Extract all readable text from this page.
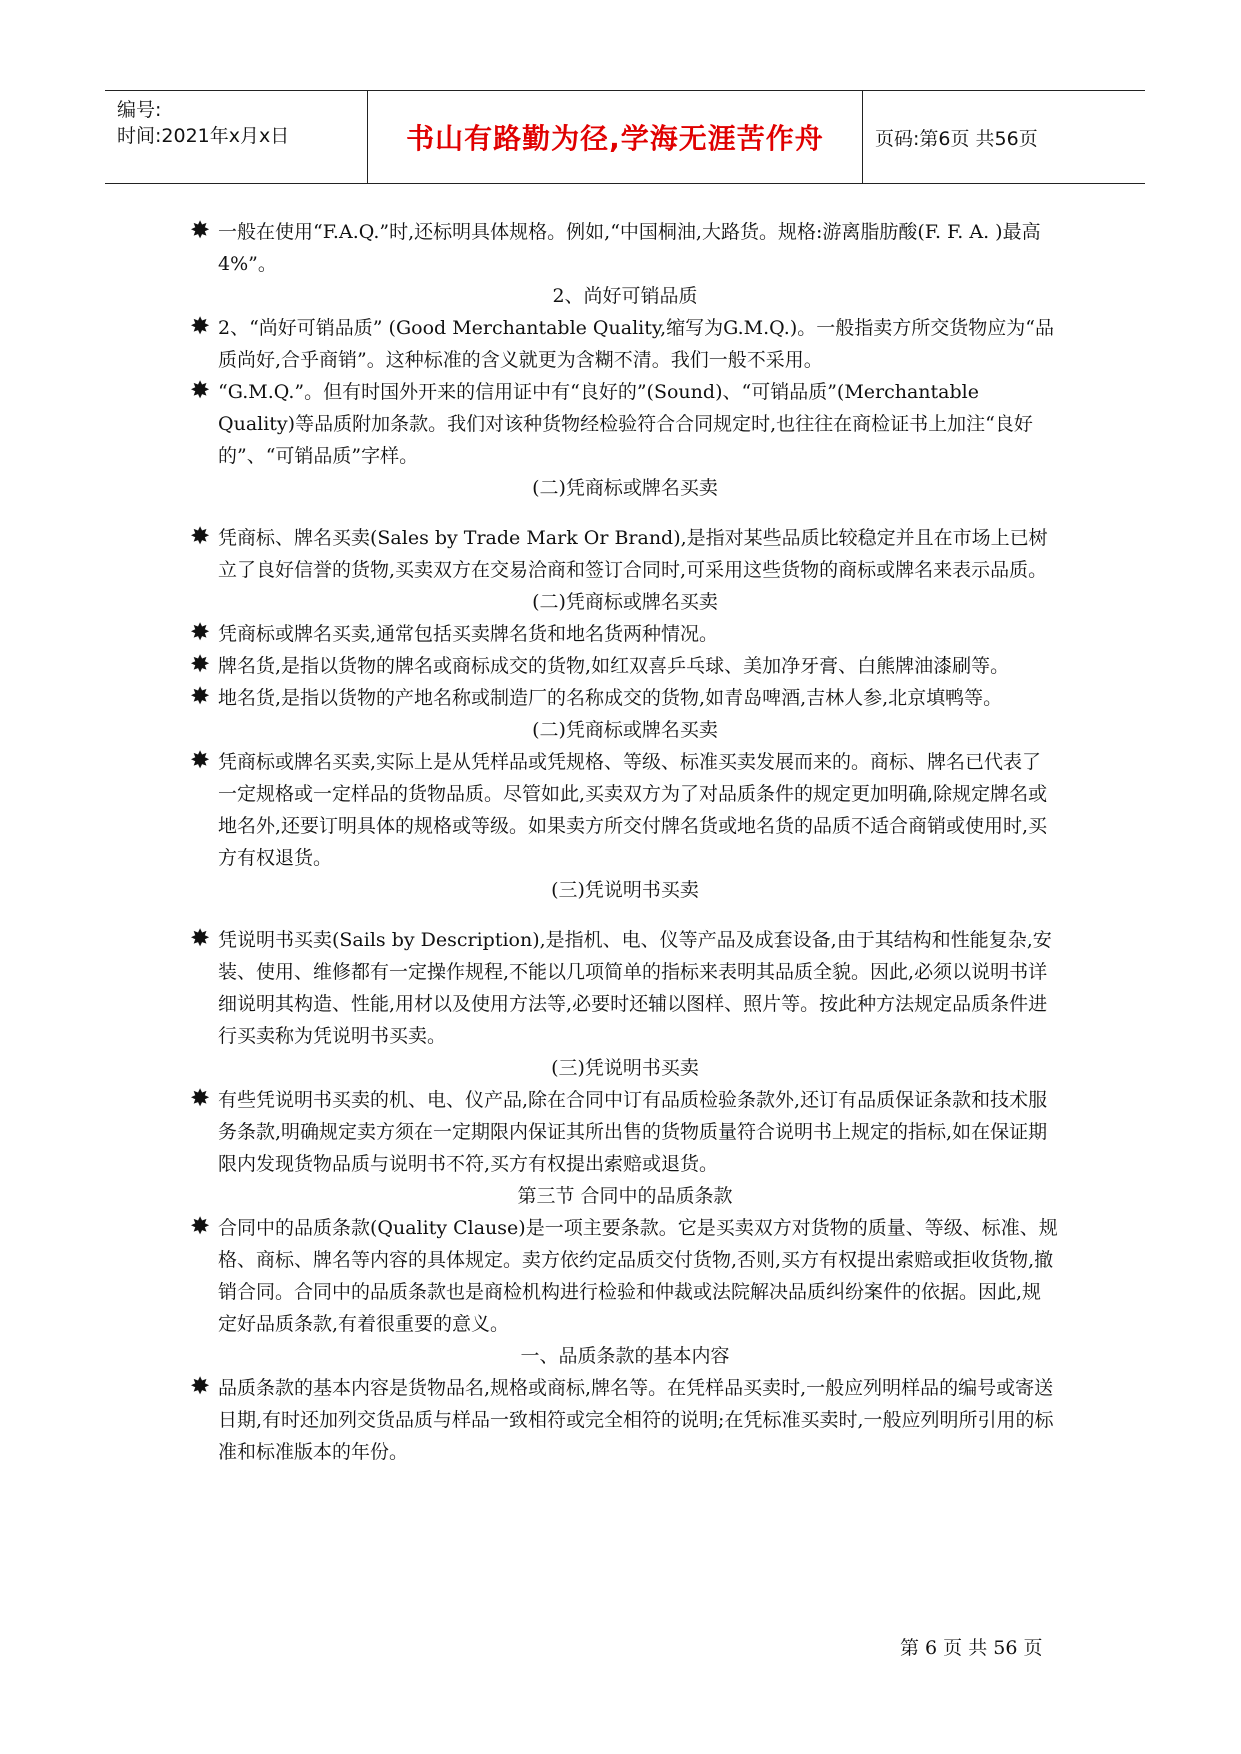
编号:
时间:2021年x月x日	书山有路勤为径,学海无涯苦作舟	页码:第6页 共56页
✸ 一般在使用“F.A.Q.”时,还标明具体规格。例如,“中国桐油,大路货。规格:游离脂肪酸(F. F. A. )最高4%”。
2、尚好可销品质
✸ 2、“尚好可销品质” (Good Merchantable Quality,缩写为G.M.Q.)。一般指卖方所交货物应为“品质尚好,合乎商销”。这种标准的含义就更为含糊不清。我们一般不采用。
✸ “G.M.Q.”。但有时国外开来的信用证中有“良好的”(Sound)、“可销品质”(Merchantable Quality)等品质附加条款。我们对该种货物经检验符合合同规定时,也往往在商检证书上加注“良好的”、“可销品质”字样。
(二)凭商标或牌名买卖
✸ 凭商标、牌名买卖(Sales by Trade Mark Or Brand),是指对某些品质比较稳定并且在市场上已树立了良好信誉的货物,买卖双方在交易洽商和签订合同时,可采用这些货物的商标或牌名来表示品质。
(二)凭商标或牌名买卖
✸ 凭商标或牌名买卖,通常包括买卖牌名货和地名货两种情况。
✸ 牌名货,是指以货物的牌名或商标成交的货物,如红双喜乒乓球、美加净牙膏、白熊牌油漆刷等。
✸ 地名货,是指以货物的产地名称或制造厂的名称成交的货物,如青岛啤酒,吉林人参,北京填鸭等。
(二)凭商标或牌名买卖
✸ 凭商标或牌名买卖,实际上是从凭样品或凭规格、等级、标准买卖发展而来的。商标、牌名已代表了一定规格或一定样品的货物品质。尽管如此,买卖双方为了对品质条件的规定更加明确,除规定牌名或地名外,还要订明具体的规格或等级。如果卖方所交付牌名货或地名货的品质不适合商销或使用时,买方有权退货。
(三)凭说明书买卖
✸ 凭说明书买卖(Sails by Description),是指机、电、仪等产品及成套设备,由于其结构和性能复杂,安装、使用、维修都有一定操作规程,不能以几项简单的指标来表明其品质全貌。因此,必须以说明书详细说明其构造、性能,用材以及使用方法等,必要时还辅以图样、照片等。按此种方法规定品质条件进行买卖称为凭说明书买卖。
(三)凭说明书买卖
✸ 有些凭说明书买卖的机、电、仪产品,除在合同中订有品质检验条款外,还订有品质保证条款和技术服务条款,明确规定卖方须在一定期限内保证其所出售的货物质量符合说明书上规定的指标,如在保证期限内发现货物品质与说明书不符,买方有权提出索赔或退货。
第三节 合同中的品质条款
✸ 合同中的品质条款(Quality Clause)是一项主要条款。它是买卖双方对货物的质量、等级、标准、规格、商标、牌名等内容的具体规定。卖方依约定品质交付货物,否则,买方有权提出索赔或拒收货物,撤销合同。合同中的品质条款也是商检机构进行检验和仲裁或法院解决品质纠纷案件的依据。因此,规定好品质条款,有着很重要的意义。
一、品质条款的基本内容
✸ 品质条款的基本内容是货物品名,规格或商标,牌名等。在凭样品买卖时,一般应列明样品的编号或寄送日期,有时还加列交货品质与样品一致相符或完全相符的说明;在凭标准买卖时,一般应列明所引用的标准和标准版本的年份。
第 6 页 共 56 页
